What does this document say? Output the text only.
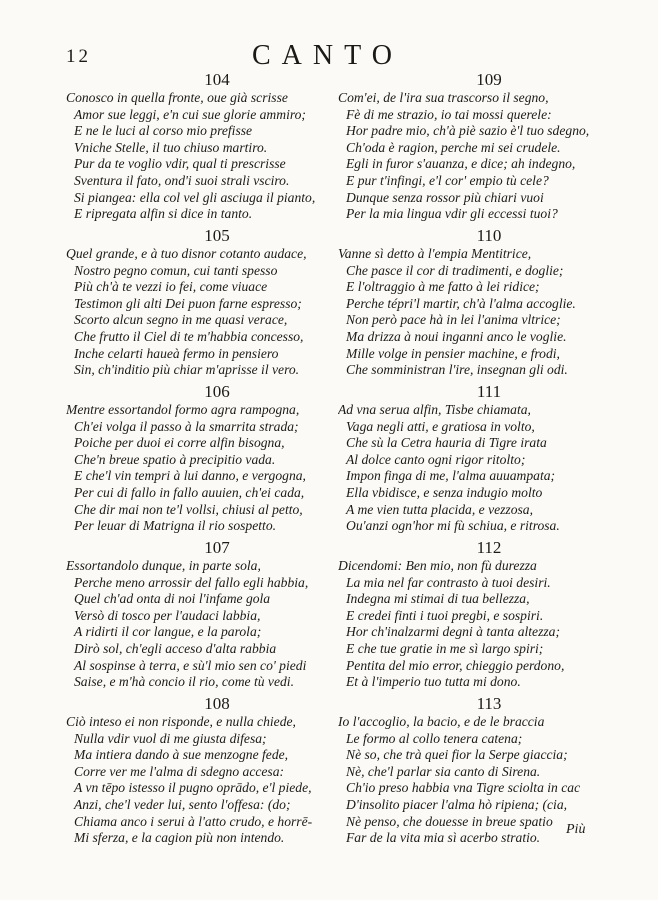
12	CANTO
104
Conosco in quella fronte, oue già scrisse
Amor sue leggi, e'n cui sue glorie ammiro;
E ne le luci al corso mio prefisse
Vniche Stelle, il tuo chiuso martiro.
Pur da te voglio vdir, qual ti prescrisse
Sventura il fato, ond'i suoi strali vsciro.
Si piangea: ella col vel gli asciuga il pianto,
E ripregata alfin si dice in tanto.
105
Quel grande, e à tuo disnor cotanto audace,
Nostro pegno comun, cui tanti spesso
Più ch'à te vezzi io fei, come viuace
Testimon gli alti Dei puon farne espresso;
Scorto alcun segno in me quasi verace,
Che frutto il Ciel di te m'habbia concesso,
Inche celarti haueà fermo in pensiero
Sin, ch'inditio più chiar m'aprisse il vero.
106
Mentre essortandol formo agra rampogna,
Ch'ei volga il passo à la smarrita strada;
Poiche per duoi ei corre alfin bisogna,
Che'n breue spatio à precipitio vada.
E che'l vin tempri à lui danno, e vergogna,
Per cui di fallo in fallo auuien, ch'ei cada,
Che dir mai non te'l vollsi, chiusi al petto,
Per leuar di Matrigna il rio sospetto.
107
Essortandolo dunque, in parte sola,
Perche meno arrossir del fallo egli habbia,
Quel ch'ad onta di noi l'infame gola
Versò di tosco per l'audaci labbia,
A ridirti il cor langue, e la parola;
Dirò sol, ch'egli acceso d'alta rabbia
Al sospinse à terra, e sù'l mio sen co' piedi
Saise, e m'hà concio il rio, come tù vedi.
108
Ciò inteso ei non risponde, e nulla chiede,
Nulla vdir vuol di me giusta difesa;
Ma intiera dando à sue menzogne fede,
Corre ver me l'alma di sdegno accesa:
A vn tēpo istesso il pugno oprādo, e'l piede,
Anzi, che'l veder lui, sento l'offesa: (do;
Chiama anco i serui à l'atto crudo, e horrē-
Mi sferza, e la cagion più non intendo.
109
Com'ei, de l'ira sua trascorso il segno,
Fè di me strazio, io tai mossi querele:
Hor padre mio, ch'à piè sazio è'l tuo sdegno,
Ch'oda è ragion, perche mi sei crudele.
Egli in furor s'auanza, e dice; ah indegno,
E pur t'infingi, e'l cor' empio tù cele?
Dunque senza rossor più chiari vuoi
Per la mia lingua vdir gli eccessi tuoi?
110
Vanne sì detto à l'empia Mentitrice,
Che pasce il cor di tradimenti, e doglie;
E l'oltraggio à me fatto à lei ridice;
Perche tépri'l martir, ch'à l'alma accoglie.
Non però pace hà in lei l'anima vltrice;
Ma drizza à noui inganni anco le voglie.
Mille volge in pensier machine, e frodi,
Che somministran l'ire, insegnan gli odi.
111
Ad vna serua alfin, Tisbe chiamata,
Vaga negli atti, e gratiosa in volto,
Che sù la Cetra hauria di Tigre irata
Al dolce canto ogni rigor ritolto;
Impon finga di me, l'alma auuampata;
Ella vbidisce, e senza indugio molto
A me vien tutta placida, e vezzosa,
Ou'anzi ogn'hor mi fù schiua, e ritrosa.
112
Dicendomi: Ben mio, non fù durezza
La mia nel far contrasto à tuoi desiri.
Indegna mi stimai di tua bellezza,
E credei finti i tuoi pregbi, e sospiri.
Hor ch'inalzarmi degni à tanta altezza;
E che tue gratie in me sì largo spiri;
Pentita del mio error, chieggio perdono,
Et à l'imperio tuo tutta mi dono.
113
Io l'accoglio, la bacio, e de le braccia
Le formo al collo tenera catena;
Nè so, che trà quei fior la Serpe giaccia;
Nè, che'l parlar sia canto di Sirena.
Ch'io preso habbia vna Tigre sciolta in cac
D'insolito piacer l'alma hò ripiena; (cia,
Nè penso, che douesse in breue spatio
Far de la vita mia sì acerbo stratio.
Più
